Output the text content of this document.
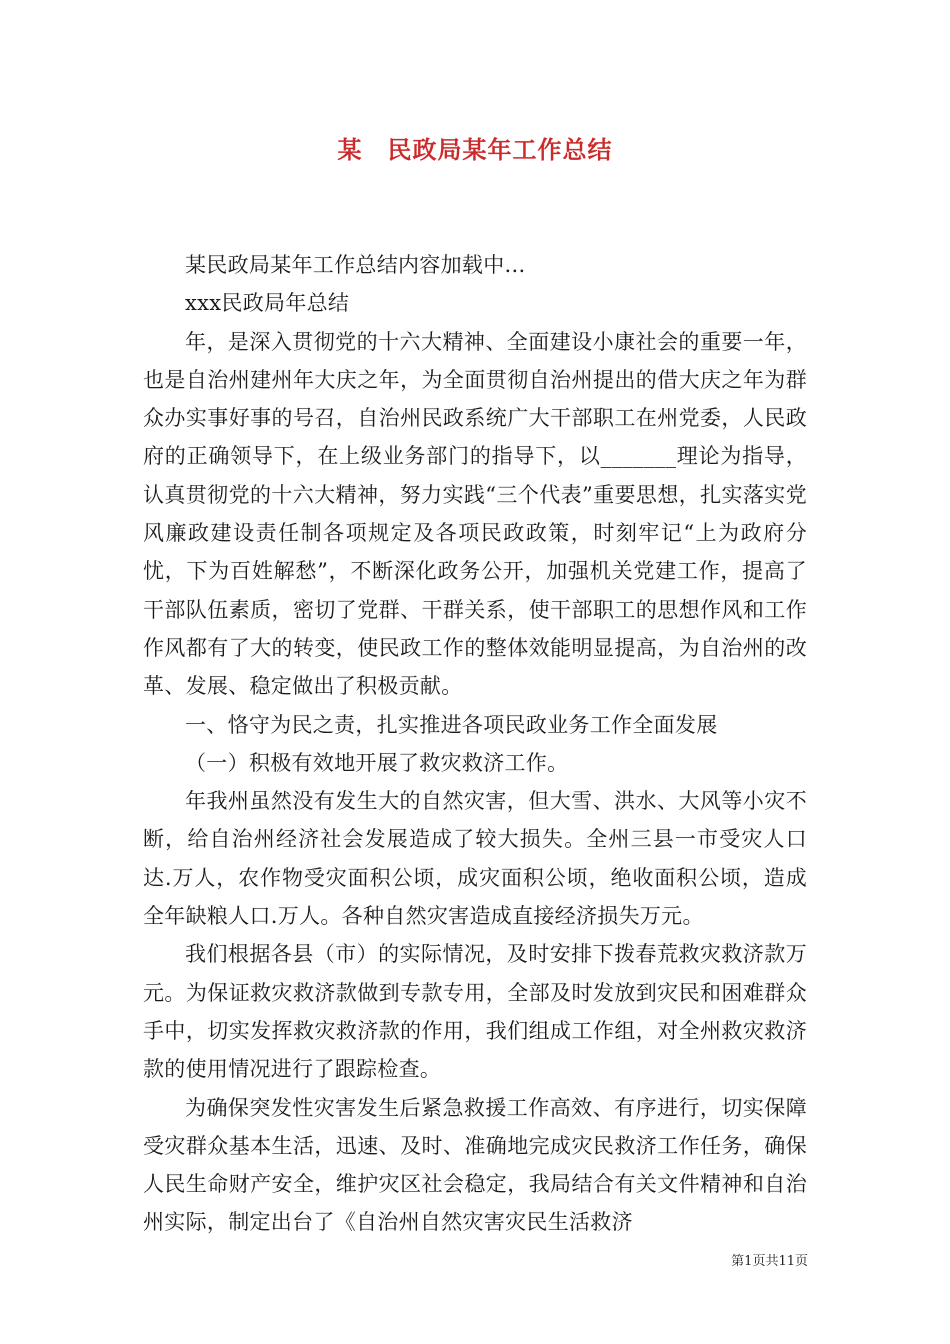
某　民政局某年工作总结

某民政局某年工作总结内容加载中...

xxx民政局年总结

年，是深入贯彻党的十六大精神、全面建设小康社会的重要一年，也是自治州建州年大庆之年，为全面贯彻自治州提出的借大庆之年为群众办实事好事的号召，自治州民政系统广大干部职工在州党委，人民政府的正确领导下，在上级业务部门的指导下，以_______理论为指导，认真贯彻党的十六大精神，努力实践“三个代表”重要思想，扎实落实党风廉政建设责任制各项规定及各项民政政策，时刻牢记“上为政府分忧，下为百姓解愁”，不断深化政务公开，加强机关党建工作，提高了干部队伍素质，密切了党群、干群关系，使干部职工的思想作风和工作作风都有了大的转变，使民政工作的整体效能明显提高，为自治州的改革、发展、稳定做出了积极贡献。

一、恪守为民之责，扎实推进各项民政业务工作全面发展

（一）积极有效地开展了救灾救济工作。

年我州虽然没有发生大的自然灾害，但大雪、洪水、大风等小灾不断，给自治州经济社会发展造成了较大损失。全州三县一市受灾人口达.万人，农作物受灾面积公顷，成灾面积公顷，绝收面积公顷，造成全年缺粮人口.万人。各种自然灾害造成直接经济损失万元。

我们根据各县（市）的实际情况，及时安排下拨春荒救灾救济款万元。为保证救灾救济款做到专款专用，全部及时发放到灾民和困难群众手中，切实发挥救灾救济款的作用，我们组成工作组，对全州救灾救济款的使用情况进行了跟踪检查。

为确保突发性灾害发生后紧急救援工作高效、有序进行，切实保障受灾群众基本生活，迅速、及时、准确地完成灾民救济工作任务，确保人民生命财产安全，维护灾区社会稳定，我局结合有关文件精神和自治州实际，制定出台了《自治州自然灾害灾民生活救济

第1页共11页
